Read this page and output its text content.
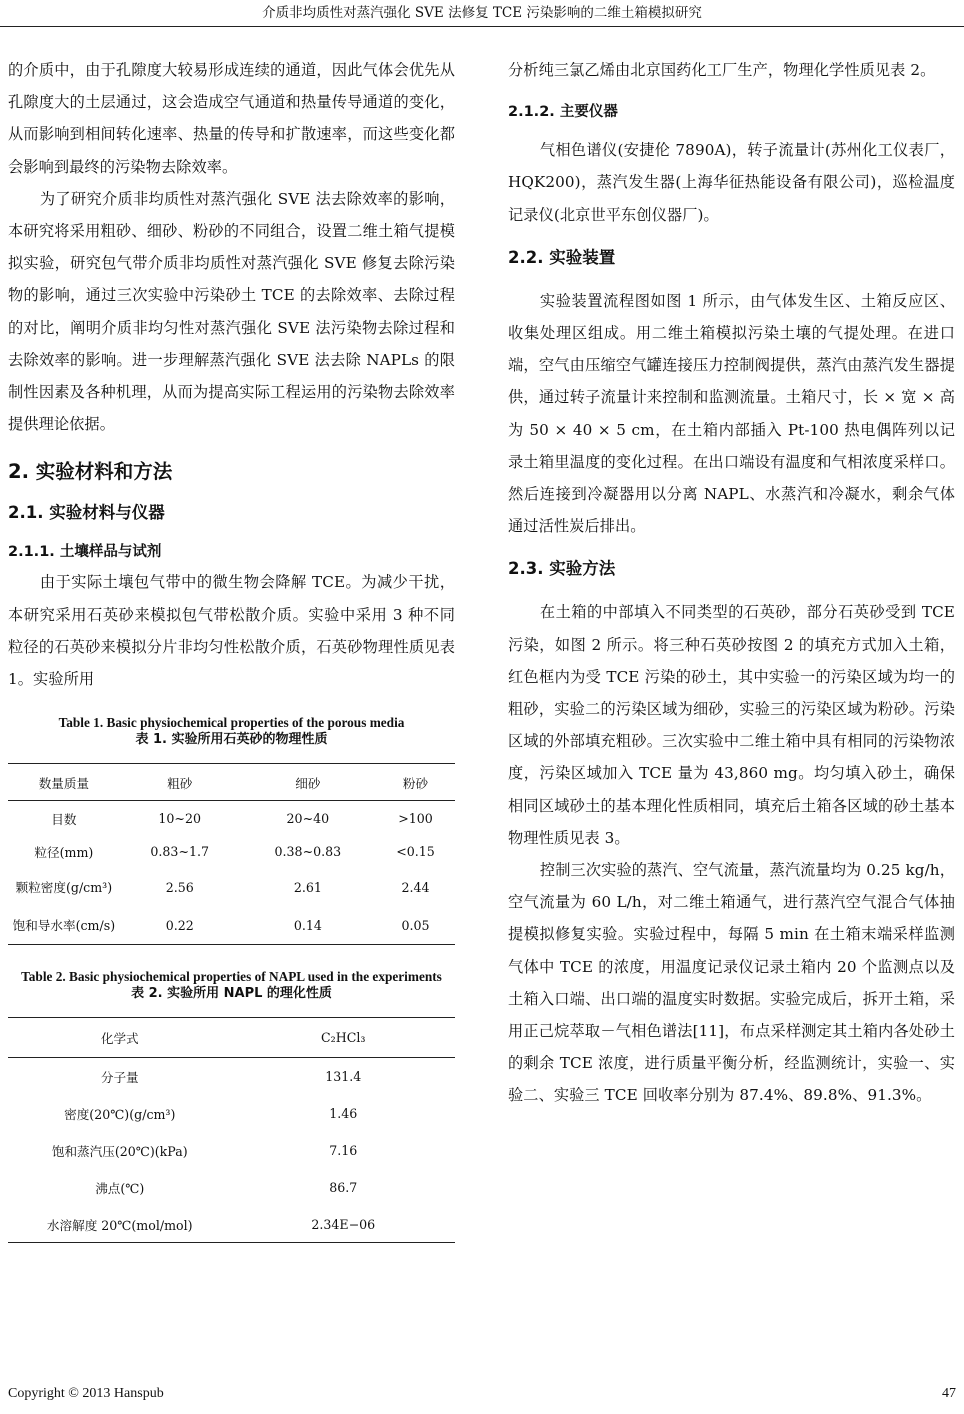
介质非均质性对蒸汽强化 SVE 法修复 TCE 污染影响的二维土箱模拟研究

的介质中，由于孔隙度大较易形成连续的通道，因此气体会优先从孔隙度大的土层通过，这会造成空气通道和热量传导通道的变化，从而影响到相间转化速率、热量的传导和扩散速率，而这些变化都会影响到最终的污染物去除效率。

为了研究介质非均质性对蒸汽强化 SVE 法去除效率的影响，本研究将采用粗砂、细砂、粉砂的不同组合，设置二维土箱气提模拟实验，研究包气带介质非均质性对蒸汽强化 SVE 修复去除污染物的影响，通过三次实验中污染砂土 TCE 的去除效率、去除过程的对比，阐明介质非均匀性对蒸汽强化 SVE 法污染物去除过程和去除效率的影响。进一步理解蒸汽强化 SVE 法去除 NAPLs 的限制性因素及各种机理，从而为提高实际工程运用的污染物去除效率提供理论依据。

2. 实验材料和方法
2.1. 实验材料与仪器
2.1.1. 土壤样品与试剂

由于实际土壤包气带中的微生物会降解 TCE。为减少干扰，本研究采用石英砂来模拟包气带松散介质。实验中采用 3 种不同粒径的石英砂来模拟分片非均匀性松散介质，石英砂物理性质见表 1。实验所用

Table 1. Basic physiochemical properties of the porous media
表 1. 实验所用石英砂的物理性质
数量质量	粗砂	细砂	粉砂
目数	10~20	20~40	>100
粒径(mm)	0.83~1.7	0.38~0.83	<0.15
颗粒密度(g/cm³)	2.56	2.61	2.44
饱和导水率(cm/s)	0.22	0.14	0.05
Table 2. Basic physiochemical properties of NAPL used in the experiments
表 2. 实验所用 NAPL 的理化性质
化学式	C₂HCl₃
分子量	131.4
密度(20℃)(g/cm³)	1.46
饱和蒸汽压(20℃)(kPa)	7.16
沸点(℃)	86.7
水溶解度 20℃(mol/mol)	2.34E−06

分析纯三氯乙烯由北京国药化工厂生产，物理化学性质见表 2。

2.1.2. 主要仪器

气相色谱仪(安捷伦 7890A)，转子流量计(苏州化工仪表厂，HQK200)，蒸汽发生器(上海华征热能设备有限公司)，巡检温度记录仪(北京世平东创仪器厂)。

2.2. 实验装置

实验装置流程图如图 1 所示，由气体发生区、土箱反应区、收集处理区组成。用二维土箱模拟污染土壤的气提处理。在进口端，空气由压缩空气罐连接压力控制阀提供，蒸汽由蒸汽发生器提供，通过转子流量计来控制和监测流量。土箱尺寸，长 × 宽 × 高为 50 × 40 × 5 cm，在土箱内部插入 Pt-100 热电偶阵列以记录土箱里温度的变化过程。在出口端设有温度和气相浓度采样口。然后连接到冷凝器用以分离 NAPL、水蒸汽和冷凝水，剩余气体通过活性炭后排出。

2.3. 实验方法

在土箱的中部填入不同类型的石英砂，部分石英砂受到 TCE 污染，如图 2 所示。将三种石英砂按图 2 的填充方式加入土箱，红色框内为受 TCE 污染的砂土，其中实验一的污染区域为均一的粗砂，实验二的污染区域为细砂，实验三的污染区域为粉砂。污染区域的外部填充粗砂。三次实验中二维土箱中具有相同的污染物浓度，污染区域加入 TCE 量为 43,860 mg。均匀填入砂土，确保相同区域砂土的基本理化性质相同，填充后土箱各区域的砂土基本物理性质见表 3。

控制三次实验的蒸汽、空气流量，蒸汽流量均为 0.25 kg/h，空气流量为 60 L/h，对二维土箱通气，进行蒸汽空气混合气体抽提模拟修复实验。实验过程中，每隔 5 min 在土箱末端采样监测气体中 TCE 的浓度，用温度记录仪记录土箱内 20 个监测点以及土箱入口端、出口端的温度实时数据。实验完成后，拆开土箱，采用正己烷萃取－气相色谱法[11]，布点采样测定其土箱内各处砂土的剩余 TCE 浓度，进行质量平衡分析，经监测统计，实验一、实验二、实验三 TCE 回收率分别为 87.4%、89.8%、91.3%。

Copyright © 2013 Hanspub	47
